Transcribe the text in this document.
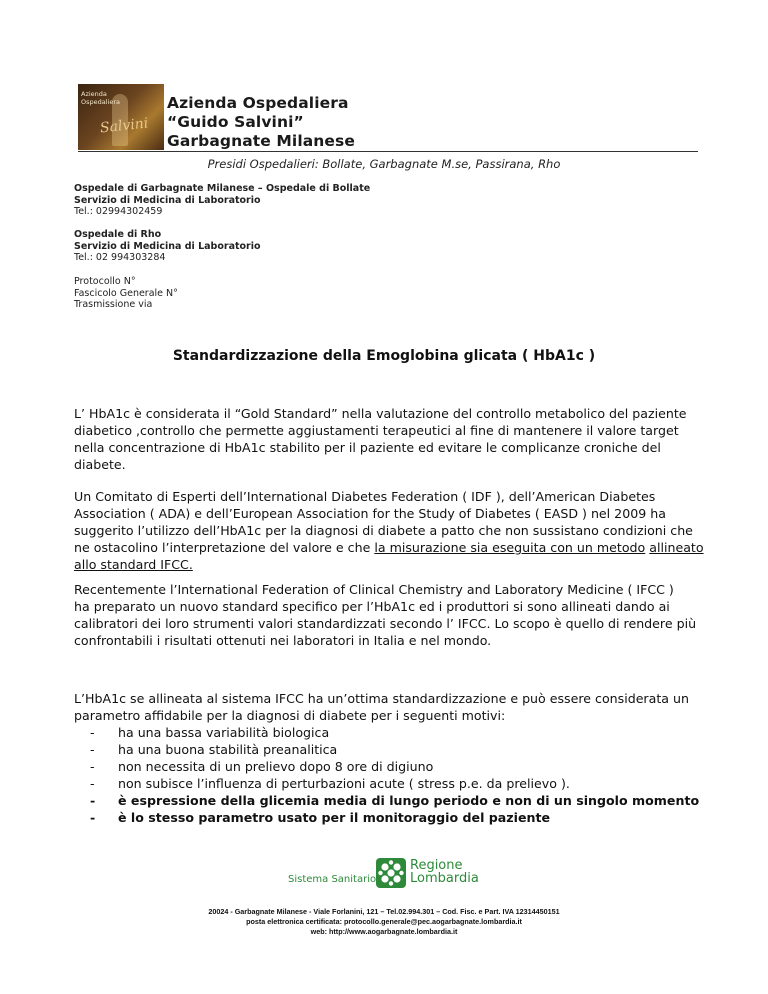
Azienda
Ospedaliera
Salvini
Azienda Ospedaliera
“Guido Salvini”
Garbagnate Milanese
Presidi Ospedalieri: Bollate, Garbagnate M.se, Passirana, Rho
Ospedale di Garbagnate Milanese – Ospedale di Bollate
Servizio di Medicina di Laboratorio
Tel.: 02994302459
Ospedale di Rho
Servizio di Medicina di Laboratorio
Tel.: 02 994303284
Protocollo N°
Fascicolo Generale N°
Trasmissione via
Standardizzazione della Emoglobina glicata ( HbA1c )

L’ HbA1c è considerata il “Gold Standard” nella valutazione del controllo metabolico del paziente diabetico ,controllo che permette aggiustamenti terapeutici al fine di mantenere il valore target nella concentrazione di HbA1c stabilito per il paziente ed evitare le complicanze croniche del diabete.

Un Comitato di Esperti dell’International Diabetes Federation ( IDF ), dell’American Diabetes Association ( ADA) e dell’European Association for the Study of Diabetes ( EASD ) nel 2009 ha suggerito l’utilizzo dell’HbA1c per la diagnosi di diabete a patto che non sussistano condizioni che ne ostacolino l’interpretazione del valore e che la misurazione sia eseguita con un metodo allineato allo standard IFCC.

Recentemente l’International Federation of Clinical Chemistry and Laboratory Medicine ( IFCC )

ha preparato un nuovo standard specifico per l’HbA1c ed i produttori si sono allineati dando ai calibratori dei loro strumenti valori standardizzati secondo l’ IFCC. Lo scopo è quello di rendere più confrontabili i risultati ottenuti nei laboratori in Italia e nel mondo.

L’HbA1c se allineata al sistema IFCC ha un’ottima standardizzazione e può essere considerata un parametro affidabile per la diagnosi di diabete per i seguenti motivi:

- ha una bassa variabilità biologica
- ha una buona stabilità preanalitica
- non necessita di un prelievo dopo 8 ore di digiuno
- non subisce l’influenza di perturbazioni acute ( stress p.e. da prelievo ).
- è espressione della glicemia media di lungo periodo e non di un singolo momento
- è lo stesso parametro usato per il monitoraggio del paziente
Sistema Sanitario
Regione
Lombardia
20024 - Garbagnate Milanese - Viale Forlanini, 121 – Tel.02.994.301 – Cod. Fisc. e Part. IVA 12314450151
posta elettronica certificata: protocollo.generale@pec.aogarbagnate.lombardia.it
web: http://www.aogarbagnate.lombardia.it
